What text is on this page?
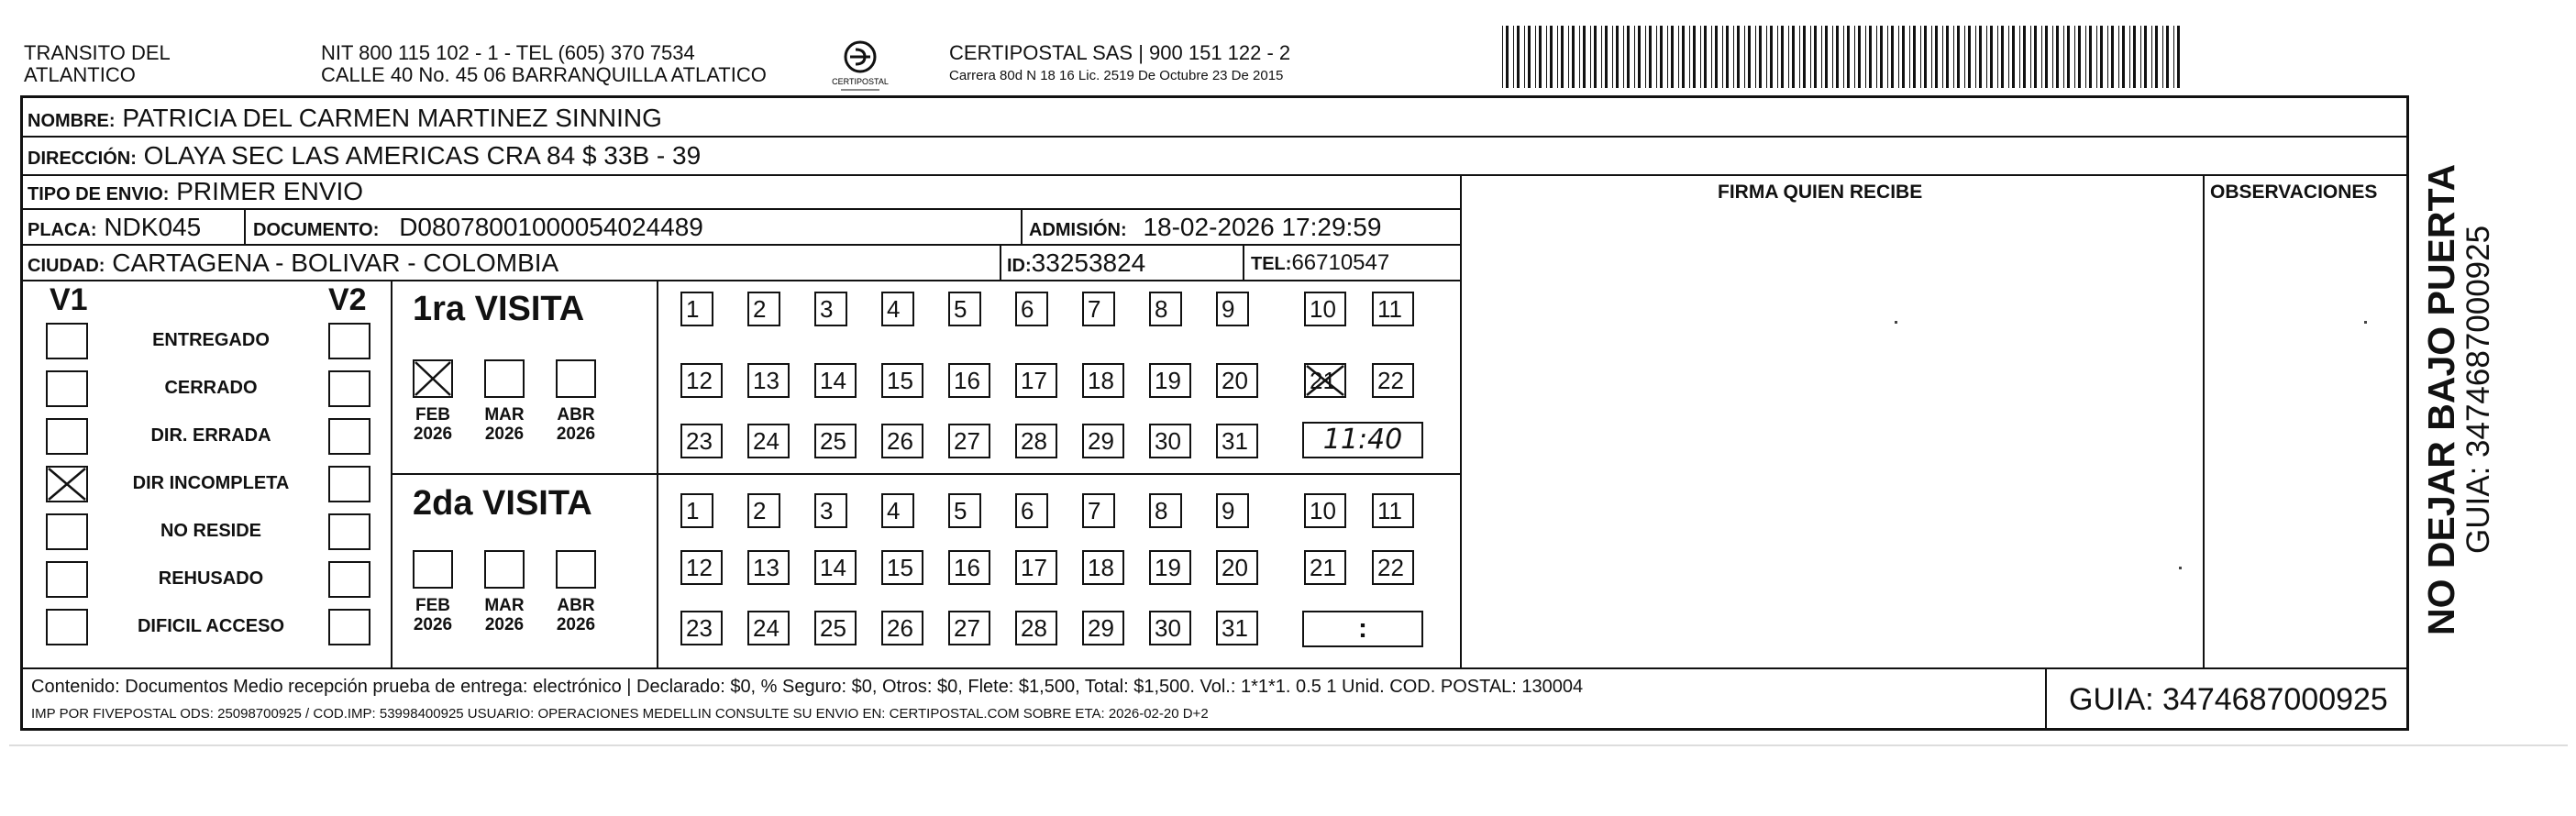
TRANSITO DEL
ATLANTICO
NIT 800 115 102 - 1 - TEL (605) 370 7534
CALLE 40 No. 45 06 BARRANQUILLA ATLATICO	CERTIPOSTAL
CERTIPOSTAL SAS | 900 151 122 - 2
Carrera 80d N 18 16 Lic. 2519 De Octubre 23 De 2015
NOMBRE: PATRICIA DEL CARMEN MARTINEZ SINNING
DIRECCIÓN: OLAYA SEC LAS AMERICAS CRA 84 $ 33B - 39
TIPO DE ENVIO: PRIMER ENVIO	FIRMA QUIEN RECIBE	OBSERVACIONES
PLACA: NDK045	DOCUMENTO: D08078001000054024489	ADMISIÓN: 18-02-2026 17:29:59
CIUDAD: CARTAGENA - BOLIVAR - COLOMBIA	ID:33253824	TEL:66710547
V1	V2 1ra VISITA
2da VISITA
11:40
:
Contenido: Documentos Medio recepción prueba de entrega: electrónico | Declarado: $0, % Seguro: $0, Otros: $0, Flete: $1,500, Total: $1,500. Vol.: 1*1*1. 0.5 1 Unid. COD. POSTAL: 130004
IMP POR FIVEPOSTAL ODS: 25098700925 / COD.IMP: 53998400925 USUARIO: OPERACIONES MEDELLIN CONSULTE SU ENVIO EN: CERTIPOSTAL.COM SOBRE ETA: 2026-02-20 D+2	GUIA: 3474687000925
NO DEJAR BAJO PUERTA
GUIA: 3474687000925
ENTREGADO
CERRADO
DIR. ERRADA
DIR INCOMPLETA
NO RESIDE
REHUSADO
DIFICIL ACCESO
FEB
2026
MAR
2026
ABR
2026
FEB
2026
MAR
2026
ABR
2026
1	2	3	4	5	6	7	8	9	10	11
12	13	14	15	16	17	18	19	20	21	22
23	24	25	26	27	28	29	30	31
1	2	3	4	5	6	7	8	9	10	11
12	13	14	15	16	17	18	19	20	21	22
23	24	25	26	27	28	29	30	31
